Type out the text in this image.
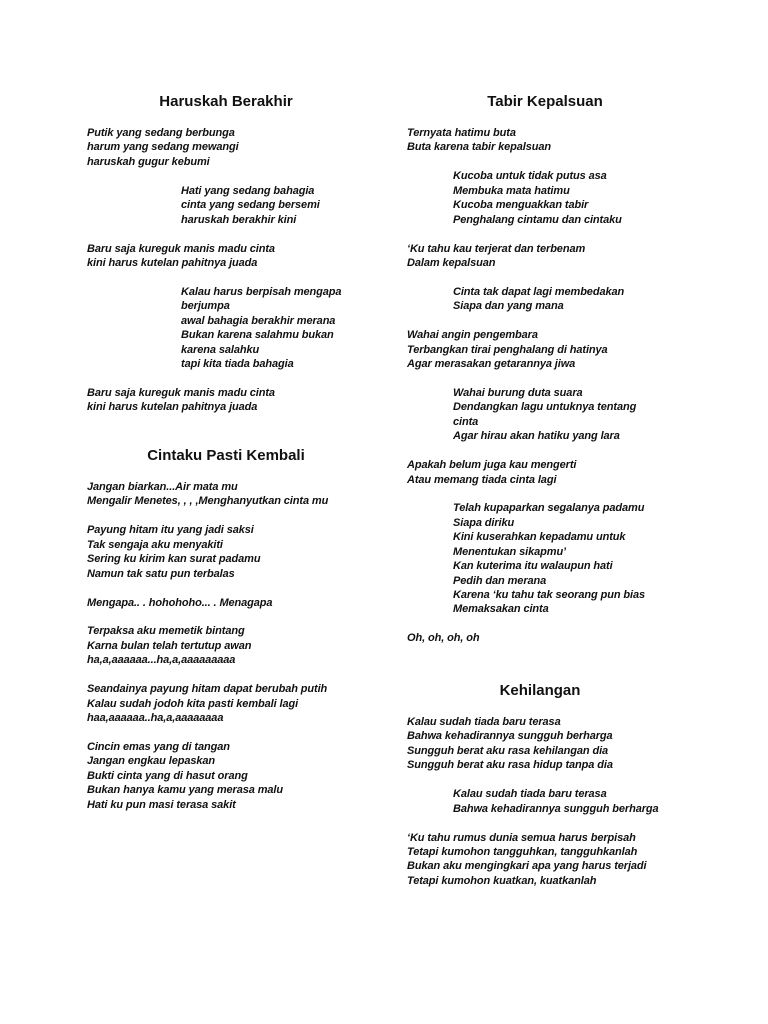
Haruskah Berakhir
Putik yang sedang berbunga
harum yang sedang mewangi
haruskah gugur kebumi
Hati yang sedang bahagia
cinta yang sedang bersemi
haruskah berakhir kini
Baru saja kureguk manis madu cinta
kini harus kutelan pahitnya juada
Kalau harus berpisah mengapa
berjumpa
awal bahagia berakhir merana
Bukan karena salahmu bukan
karena salahku
tapi kita tiada bahagia
Baru saja kureguk manis madu cinta
kini harus kutelan pahitnya juada
Cintaku Pasti Kembali
Jangan biarkan...Air mata mu
Mengalir Menetes, , , ,Menghanyutkan cinta mu
Payung hitam itu yang jadi saksi
Tak sengaja aku menyakiti
Sering ku kirim kan surat padamu
Namun tak satu pun terbalas
Mengapa.. . hohohoho... . Menagapa
Terpaksa aku memetik bintang
Karna bulan telah tertutup awan
ha,a,aaaaaa...ha,a,aaaaaaaaa
Seandainya payung hitam dapat berubah putih
Kalau sudah jodoh kita pasti kembali lagi
haa,aaaaaa..ha,a,aaaaaaaa
Cincin emas yang di tangan
Jangan engkau lepaskan
Bukti cinta yang di hasut orang
Bukan hanya kamu yang merasa malu
Hati ku pun masi terasa sakit
Tabir Kepalsuan
Ternyata hatimu buta
Buta karena tabir kepalsuan
Kucoba untuk tidak putus asa
Membuka mata hatimu
Kucoba menguakkan tabir
Penghalang cintamu dan cintaku
‘Ku tahu kau terjerat dan terbenam
Dalam kepalsuan
Cinta tak dapat lagi membedakan
Siapa dan yang mana
Wahai angin pengembara
Terbangkan tirai penghalang di hatinya
Agar merasakan getarannya jiwa
Wahai burung duta suara
Dendangkan lagu untuknya tentang
cinta
Agar hirau akan hatiku yang lara
Apakah belum juga kau mengerti
Atau memang tiada cinta lagi
Telah kupaparkan segalanya padamu
Siapa diriku
Kini kuserahkan kepadamu untuk
Menentukan sikapmu’
Kan kuterima itu walaupun hati
Pedih dan merana
Karena ‘ku tahu tak seorang pun bias
Memaksakan cinta
Oh, oh, oh, oh
Kehilangan
Kalau sudah tiada baru terasa
Bahwa kehadirannya sungguh berharga
Sungguh berat aku rasa kehilangan dia
Sungguh berat aku rasa hidup tanpa dia
Kalau sudah tiada baru terasa
Bahwa kehadirannya sungguh berharga
‘Ku tahu rumus dunia semua harus berpisah
Tetapi kumohon tangguhkan, tangguhkanlah
Bukan aku mengingkari apa yang harus terjadi
Tetapi kumohon kuatkan, kuatkanlah
